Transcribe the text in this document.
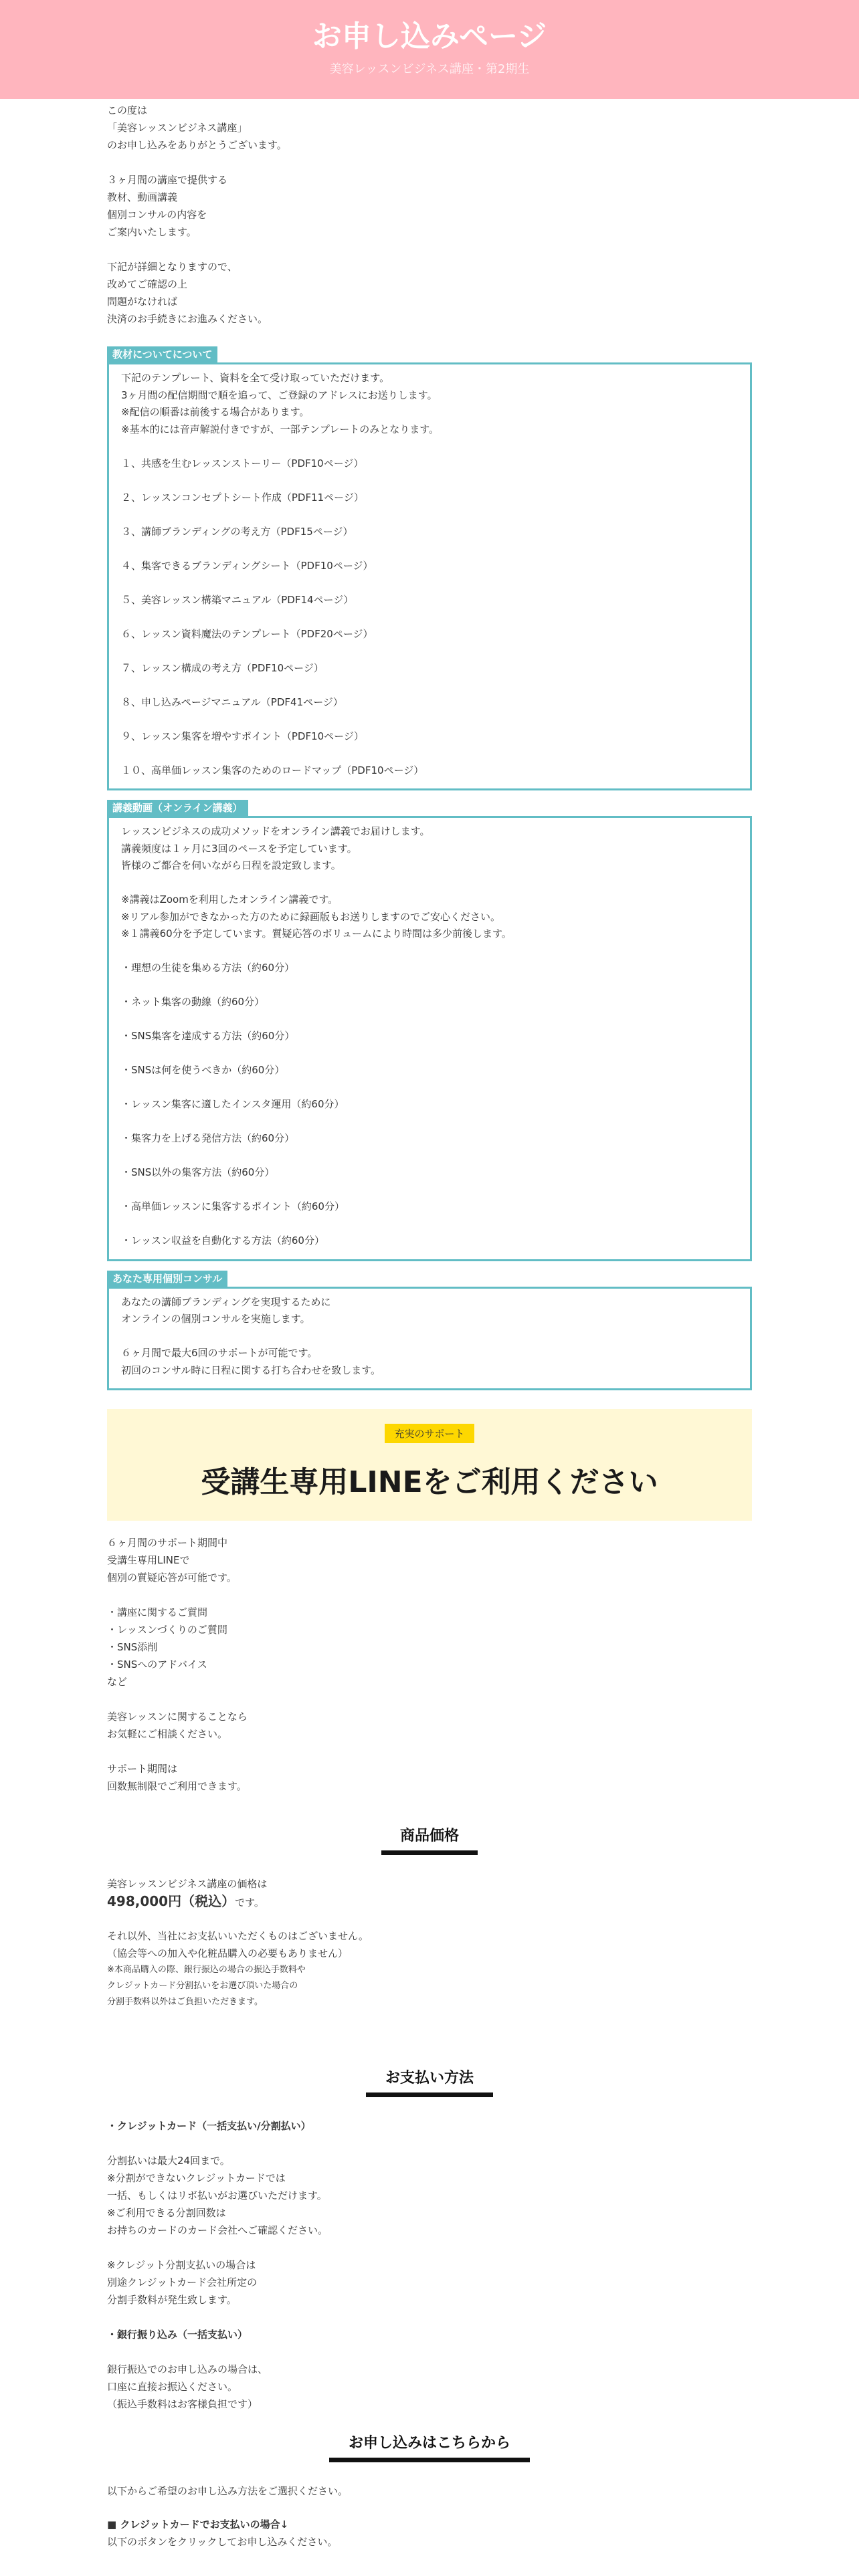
お申し込みページ

美容レッスンビジネス講座・第2期生

この度は
「美容レッスンビジネス講座」
のお申し込みをありがとうございます。

３ヶ月間の講座で提供する
教材、動画講義
個別コンサルの内容を
ご案内いたします。

下記が詳細となりますので、
改めてご確認の上
問題がなければ
決済のお手続きにお進みください。
教材についてについて
下記のテンプレート、資料を全て受け取っていただけます。
3ヶ月間の配信期間で順を追って、ご登録のアドレスにお送りします。
※配信の順番は前後する場合があります。
※基本的には音声解説付きですが、一部テンプレートのみとなります。

１、共感を生むレッスンストーリー（PDF10ページ）

２、レッスンコンセプトシート作成（PDF11ページ）

３、講師ブランディングの考え方（PDF15ページ）

４、集客できるブランディングシート（PDF10ページ）

５、美容レッスン構築マニュアル（PDF14ページ）

６、レッスン資料魔法のテンプレート（PDF20ページ）

７、レッスン構成の考え方（PDF10ページ）

８、申し込みページマニュアル（PDF41ページ）

９、レッスン集客を増やすポイント（PDF10ページ）

１０、高単価レッスン集客のためのロードマップ（PDF10ページ）
講義動画（オンライン講義）
レッスンビジネスの成功メソッドをオンライン講義でお届けします。
講義頻度は１ヶ月に3回のペースを予定しています。
皆様のご都合を伺いながら日程を設定致します。

※講義はZoomを利用したオンライン講義です。
※リアル参加ができなかった方のために録画版もお送りしますのでご安心ください。
※１講義60分を予定しています。質疑応答のボリュームにより時間は多少前後します。

・理想の生徒を集める方法（約60分）

・ネット集客の動線（約60分）

・SNS集客を達成する方法（約60分）

・SNSは何を使うべきか（約60分）

・レッスン集客に適したインスタ運用（約60分）

・集客力を上げる発信方法（約60分）

・SNS以外の集客方法（約60分）

・高単価レッスンに集客するポイント（約60分）

・レッスン収益を自動化する方法（約60分）
あなた専用個別コンサル
あなたの講師ブランディングを実現するために
オンラインの個別コンサルを実施します。

６ヶ月間で最大6回のサポートが可能です。
初回のコンサル時に日程に関する打ち合わせを致します。
充実のサポート
受講生専用LINEをご利用ください
６ヶ月間のサポート期間中
受講生専用LINEで
個別の質疑応答が可能です。

・講座に関するご質問
・レッスンづくりのご質問
・SNS添削
・SNSへのアドバイス
など

美容レッスンに関することなら
お気軽にご相談ください。

サポート期間は
回数無制限でご利用できます。
商品価格
美容レッスンビジネス講座の価格は
498,000円（税込）です。
それ以外、当社にお支払いいただくものはございません。
（協会等への加入や化粧品購入の必要もありません）
※本商品購入の際、銀行振込の場合の振込手数料や
クレジットカード分割払いをお選び頂いた場合の
分割手数料以外はご負担いただきます。
お支払い方法
・クレジットカード（一括支払い/分割払い）
分割払いは最大24回まで。
※分割ができないクレジットカードでは
一括、もしくはリボ払いがお選びいただけます。
※ご利用できる分割回数は
お持ちのカードのカード会社へご確認ください。

※クレジット分割支払いの場合は
別途クレジットカード会社所定の
分割手数料が発生致します。
・銀行振り込み（一括支払い）
銀行振込でのお申し込みの場合は、
口座に直接お振込ください。
（振込手数料はお客様負担です）
お申し込みはこちらから
以下からご希望のお申し込み方法をご選択ください。
■ クレジットカードでお支払いの場合↓
以下のボタンをクリックしてお申し込みください。
